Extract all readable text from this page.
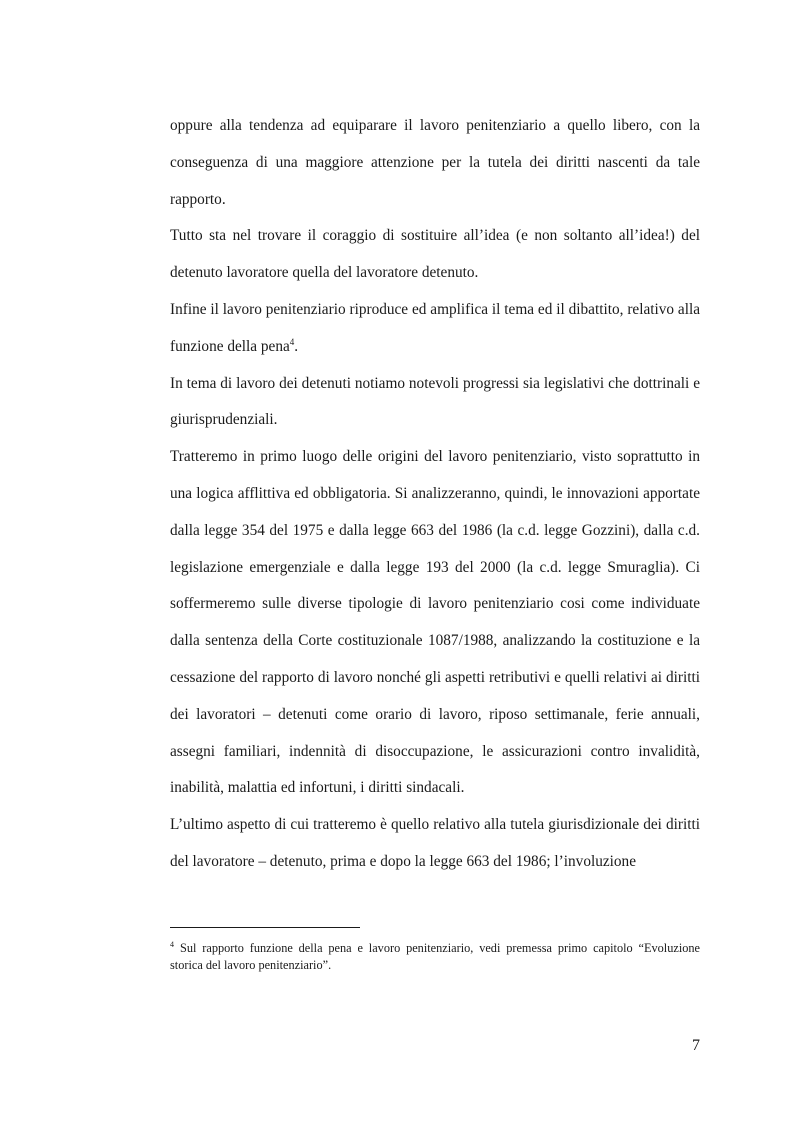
oppure alla tendenza ad equiparare il lavoro penitenziario a quello libero, con la conseguenza di una maggiore attenzione per la tutela dei diritti nascenti da tale rapporto.

Tutto sta nel trovare il coraggio di sostituire all’idea (e non soltanto all’idea!) del detenuto lavoratore quella del lavoratore detenuto.

Infine il lavoro penitenziario riproduce ed amplifica il tema ed il dibattito, relativo alla funzione della pena$^4$.

In tema di lavoro dei detenuti notiamo notevoli progressi sia legislativi che dottrinali e giurisprudenziali.

Tratteremo in primo luogo delle origini del lavoro penitenziario, visto soprattutto in una logica afflittiva ed obbligatoria. Si analizzeranno, quindi, le innovazioni apportate dalla legge 354 del 1975 e dalla legge 663 del 1986 (la c.d. legge Gozzini), dalla c.d. legislazione emergenziale e dalla legge 193 del 2000 (la c.d. legge Smuraglia). Ci soffermeremo sulle diverse tipologie di lavoro penitenziario cosi come individuate dalla sentenza della Corte costituzionale 1087/1988, analizzando la costituzione e la cessazione del rapporto di lavoro nonché gli aspetti retributivi e quelli relativi ai diritti dei lavoratori – detenuti come orario di lavoro, riposo settimanale, ferie annuali, assegni familiari, indennità di disoccupazione, le assicurazioni contro invalidità, inabilità, malattia ed infortuni, i diritti sindacali.

L’ultimo aspetto di cui tratteremo è quello relativo alla tutela giurisdizionale dei diritti del lavoratore – detenuto, prima e dopo la legge 663 del 1986; l’involuzione

$^4$ Sul rapporto funzione della pena e lavoro penitenziario, vedi premessa primo capitolo “Evoluzione storica del lavoro penitenziario”.
7
